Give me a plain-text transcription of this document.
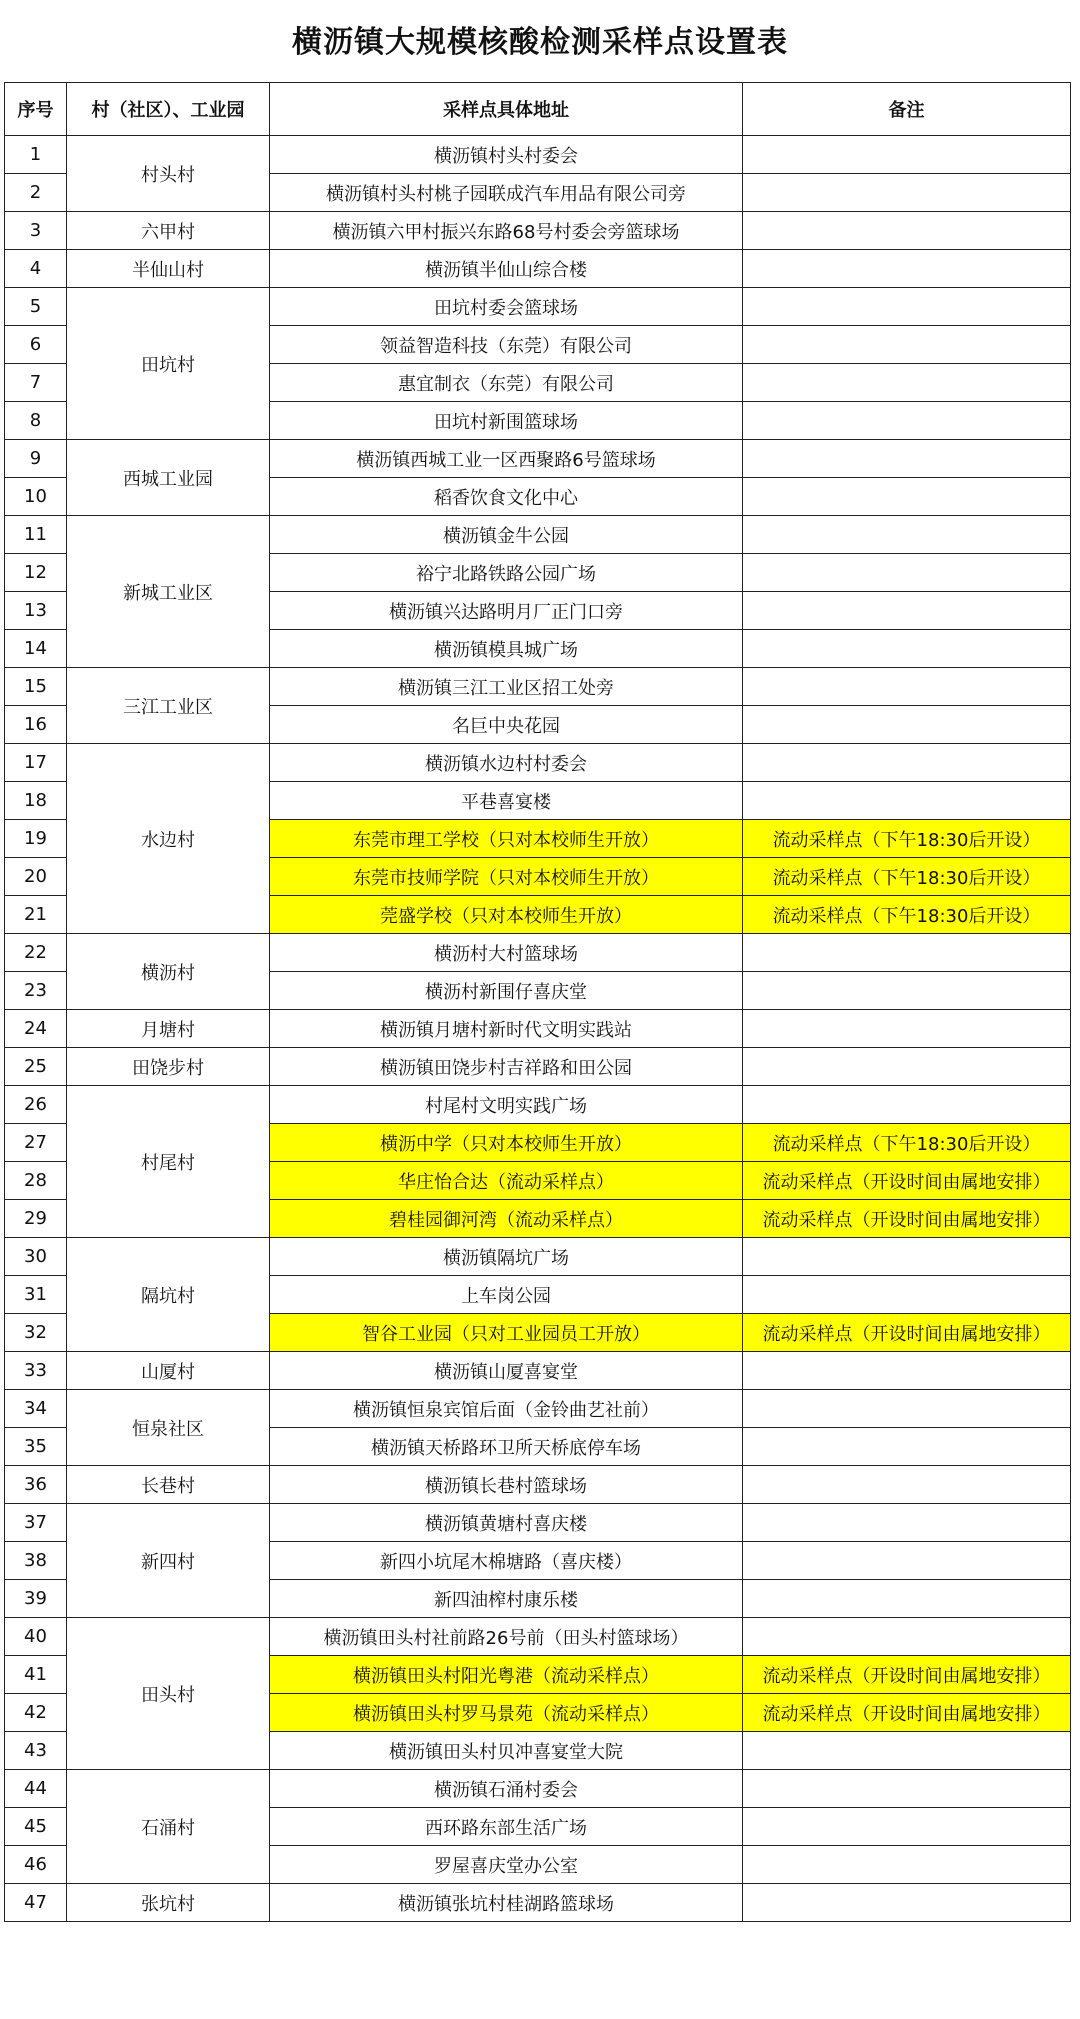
横沥镇大规模核酸检测采样点设置表
序号	村（社区）、工业园	采样点具体地址	备注
1	村头村	横沥镇村头村委会	
2		横沥镇村头村桃子园联成汽车用品有限公司旁	
3	六甲村	横沥镇六甲村振兴东路68号村委会旁篮球场	
4	半仙山村	横沥镇半仙山综合楼	
5	田坑村	田坑村委会篮球场	
6		领益智造科技（东莞）有限公司	
7		惠宜制衣（东莞）有限公司	
8		田坑村新围篮球场	
9	西城工业园	横沥镇西城工业一区西聚路6号篮球场	
10		稻香饮食文化中心	
11	新城工业区	横沥镇金牛公园	
12		裕宁北路铁路公园广场	
13		横沥镇兴达路明月厂正门口旁	
14		横沥镇模具城广场	
15	三江工业区	横沥镇三江工业区招工处旁	
16		名巨中央花园	
17	水边村	横沥镇水边村村委会	
18		平巷喜宴楼	
19		东莞市理工学校（只对本校师生开放）	流动采样点（下午18:30后开设）
20		东莞市技师学院（只对本校师生开放）	流动采样点（下午18:30后开设）
21		莞盛学校（只对本校师生开放）	流动采样点（下午18:30后开设）
22	横沥村	横沥村大村篮球场	
23		横沥村新围仔喜庆堂	
24	月塘村	横沥镇月塘村新时代文明实践站	
25	田饶步村	横沥镇田饶步村吉祥路和田公园	
26	村尾村	村尾村文明实践广场	
27		横沥中学（只对本校师生开放）	流动采样点（下午18:30后开设）
28		华庄怡合达（流动采样点）	流动采样点（开设时间由属地安排）
29		碧桂园御河湾（流动采样点）	流动采样点（开设时间由属地安排）
30	隔坑村	横沥镇隔坑广场	
31		上车岗公园	
32		智谷工业园（只对工业园员工开放）	流动采样点（开设时间由属地安排）
33	山厦村	横沥镇山厦喜宴堂	
34	恒泉社区	横沥镇恒泉宾馆后面（金铃曲艺社前）	
35		横沥镇天桥路环卫所天桥底停车场	
36	长巷村	横沥镇长巷村篮球场	
37	新四村	横沥镇黄塘村喜庆楼	
38		新四小坑尾木棉塘路（喜庆楼）	
39		新四油榨村康乐楼	
40	田头村	横沥镇田头村社前路26号前（田头村篮球场）	
41		横沥镇田头村阳光粤港（流动采样点）	流动采样点（开设时间由属地安排）
42		横沥镇田头村罗马景苑（流动采样点）	流动采样点（开设时间由属地安排）
43		横沥镇田头村贝冲喜宴堂大院	
44	石涌村	横沥镇石涌村委会	
45		西环路东部生活广场	
46		罗屋喜庆堂办公室	
47	张坑村	横沥镇张坑村桂湖路篮球场	
